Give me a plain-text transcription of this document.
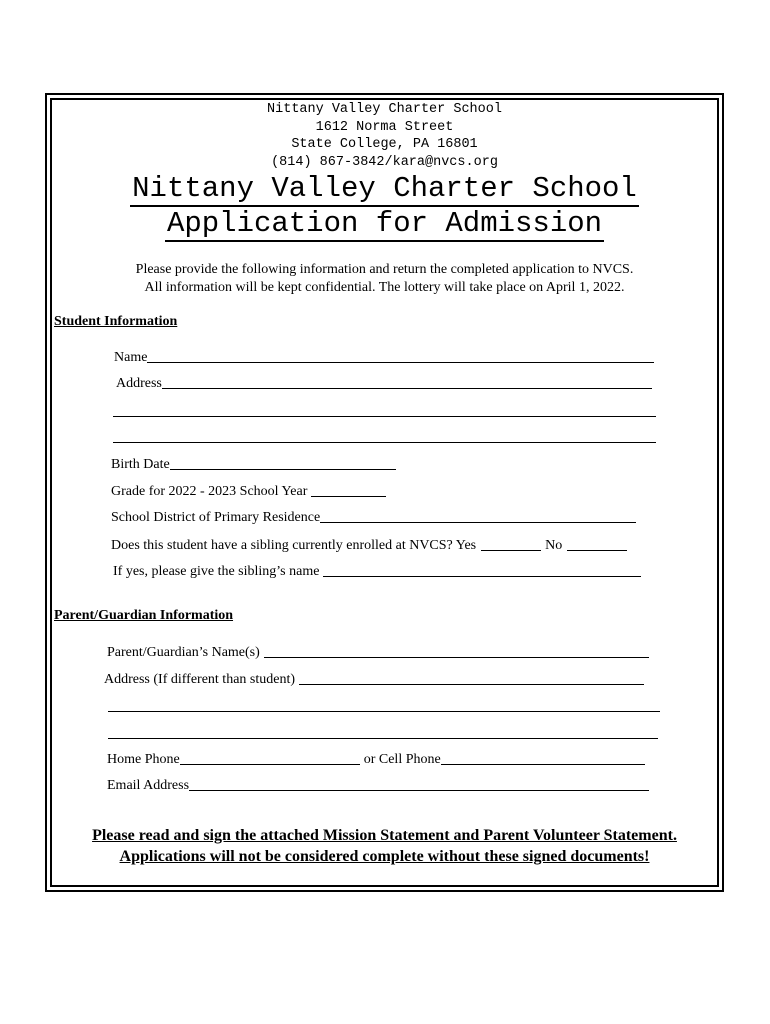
Nittany Valley Charter School
1612 Norma Street
State College, PA 16801
(814) 867-3842/kara@nvcs.org
Nittany Valley Charter School
Application for Admission
Please provide the following information and return the completed application to NVCS.
All information will be kept confidential. The lottery will take place on April 1, 2022.
Student Information
Name
Address
Birth Date
Grade for 2022 - 2023 School Year
School District of Primary Residence
Does this student have a sibling currently enrolled at NVCS? Yes	No
If yes, please give the sibling’s name
Parent/Guardian Information
Parent/Guardian’s Name(s)
Address (If different than student)
Home Phone	or Cell Phone
Email Address
Please read and sign the attached Mission Statement and Parent Volunteer Statement.
Applications will not be considered complete without these signed documents!
